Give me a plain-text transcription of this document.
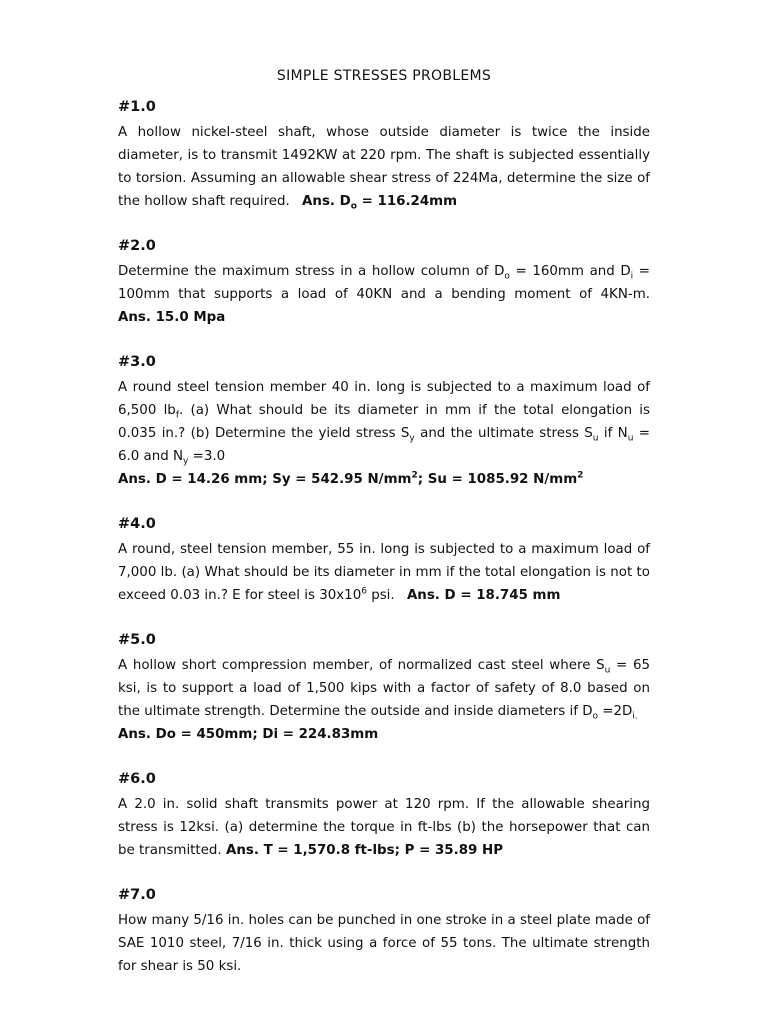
SIMPLE STRESSES PROBLEMS
#1.0

A hollow nickel-steel shaft, whose outside diameter is twice the inside diameter, is to transmit 1492KW at 220 rpm. The shaft is subjected essentially to torsion. Assuming an allowable shear stress of 224Ma, determine the size of the hollow shaft required. Ans. $D_o = 116.24mm$

#2.0

Determine the maximum stress in a hollow column of $D_o = 160mm$ and $D_i = 100mm$ that supports a load of 40KN and a bending moment of 4KN-m. Ans. 15.0 Mpa

#3.0

A round steel tension member 40 in. long is subjected to a maximum load of 6,500 $lb_f$. (a) What should be its diameter in mm if the total elongation is 0.035 in.? (b) Determine the yield stress $S_y$ and the ultimate stress $S_u$ if $N_u = 6.0$ and $N_y =3.0$

Ans. D = 14.26 mm; Sy = 542.95 $N/mm^2$; Su = 1085.92 $N/mm^2$

#4.0

A round, steel tension member, 55 in. long is subjected to a maximum load of 7,000 lb. (a) What should be its diameter in mm if the total elongation is not to exceed 0.03 in.? E for steel is $30x10^6$ psi. Ans. D = 18.745 mm

#5.0

A hollow short compression member, of normalized cast steel where $S_u = 65$ ksi, is to support a load of 1,500 kips with a factor of safety of 8.0 based on the ultimate strength. Determine the outside and inside diameters if $D_o =2D_{i.}$

Ans. Do = 450mm; Di = 224.83mm

#6.0

A 2.0 in. solid shaft transmits power at 120 rpm. If the allowable shearing stress is 12ksi. (a) determine the torque in ft-lbs (b) the horsepower that can be transmitted. Ans. T = 1,570.8 ft-lbs; P = 35.89 HP

#7.0

How many 5/16 in. holes can be punched in one stroke in a steel plate made of SAE 1010 steel, 7/16 in. thick using a force of 55 tons. The ultimate strength for shear is 50 ksi.
